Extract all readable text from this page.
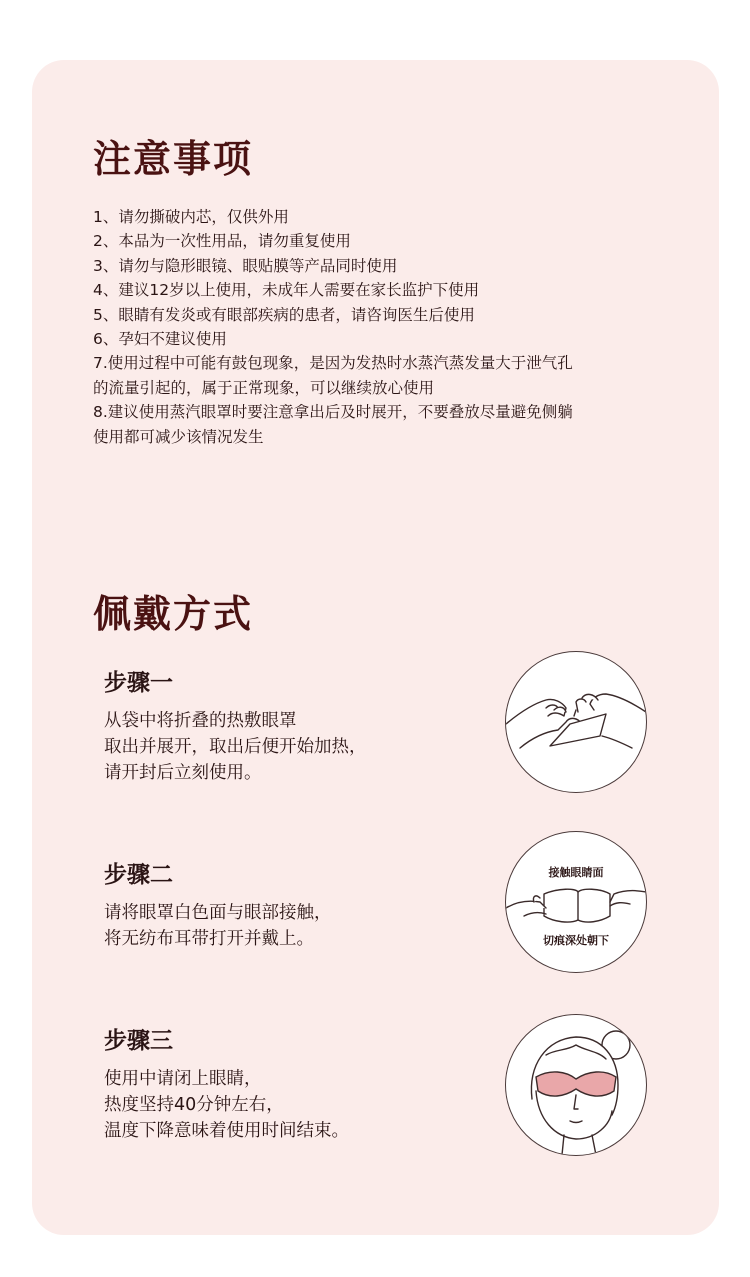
注意事项
1、请勿撕破内芯，仅供外用
2、本品为一次性用品，请勿重复使用
3、请勿与隐形眼镜、眼贴膜等产品同时使用
4、建议12岁以上使用，未成年人需要在家长监护下使用
5、眼睛有发炎或有眼部疾病的患者，请咨询医生后使用
6、孕妇不建议使用
7.使用过程中可能有鼓包现象，是因为发热时水蒸汽蒸发量大于泄气孔
的流量引起的，属于正常现象，可以继续放心使用
8.建议使用蒸汽眼罩时要注意拿出后及时展开，不要叠放尽量避免侧躺
使用都可减少该情况发生
佩戴方式
步骤一
从袋中将折叠的热敷眼罩
取出并展开，取出后便开始加热，
请开封后立刻使用。
步骤二
请将眼罩白色面与眼部接触，
将无纺布耳带打开并戴上。
接触眼睛面
切痕深处朝下
步骤三
使用中请闭上眼睛，
热度坚持40分钟左右，
温度下降意味着使用时间结束。
